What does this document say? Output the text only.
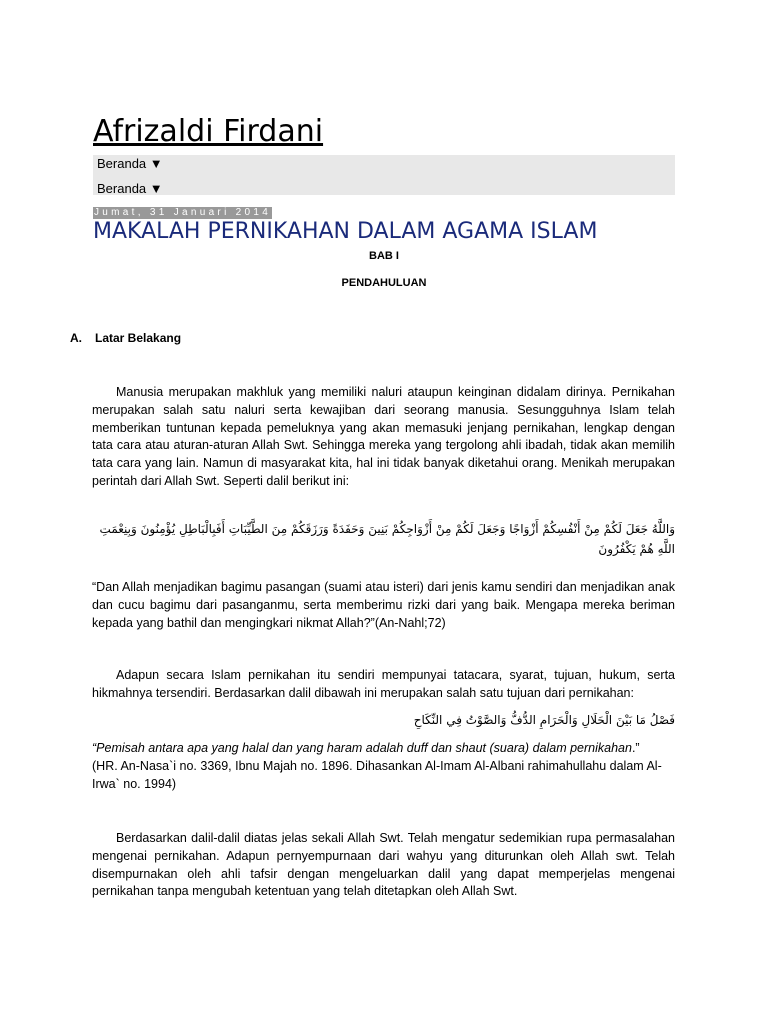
Afrizaldi Firdani
Beranda ▼
Beranda ▼
Jumat, 31 Januari 2014
MAKALAH PERNIKAHAN DALAM AGAMA ISLAM
BAB I
PENDAHULUAN
A. Latar Belakang

Manusia merupakan makhluk yang memiliki naluri ataupun keinginan didalam dirinya. Pernikahan merupakan salah satu naluri serta kewajiban dari seorang manusia. Sesungguhnya Islam telah memberikan tuntunan kepada pemeluknya yang akan memasuki jenjang pernikahan, lengkap dengan tata cara atau aturan-aturan Allah Swt. Sehingga mereka yang tergolong ahli ibadah, tidak akan memilih tata cara yang lain. Namun di masyarakat kita, hal ini tidak banyak diketahui orang. Menikah merupakan perintah dari Allah Swt. Seperti dalil berikut ini:

وَاللَّهُ جَعَلَ لَكُمْ مِنْ أَنْفُسِكُمْ أَزْوَاجًا وَجَعَلَ لَكُمْ مِنْ أَزْوَاجِكُمْ بَنِينَ وَحَفَدَةً وَرَزَقَكُمْ مِنَ الطَّيِّبَاتِ أَفَبِالْبَاطِلِ يُؤْمِنُونَ وَبِنِعْمَتِ اللَّهِ هُمْ يَكْفُرُونَ

“Dan Allah menjadikan bagimu pasangan (suami atau isteri) dari jenis kamu sendiri dan menjadikan anak dan cucu bagimu dari pasanganmu, serta memberimu rizki dari yang baik. Mengapa mereka beriman kepada yang bathil dan mengingkari nikmat Allah?”(An-Nahl;72)

Adapun secara Islam pernikahan itu sendiri mempunyai tatacara, syarat, tujuan, hukum, serta hikmahnya tersendiri. Berdasarkan dalil dibawah ini merupakan salah satu tujuan dari pernikahan:

فَصْلُ مَا بَيْنَ الْحَلَالِ وَالْحَرَامِ الدُّفُّ وَالصَّوْتُ فِي النِّكَاحِ

“Pemisah antara apa yang halal dan yang haram adalah duff dan shaut (suara) dalam pernikahan.”
(HR. An-Nasa`i no. 3369, Ibnu Majah no. 1896. Dihasankan Al-Imam Al-Albani rahimahullahu dalam Al-Irwa` no. 1994)

Berdasarkan dalil-dalil diatas jelas sekali Allah Swt. Telah mengatur sedemikian rupa permasalahan mengenai pernikahan. Adapun pernyempurnaan dari wahyu yang diturunkan oleh Allah swt. Telah disempurnakan oleh ahli tafsir dengan mengeluarkan dalil yang dapat memperjelas mengenai pernikahan tanpa mengubah ketentuan yang telah ditetapkan oleh Allah Swt.
